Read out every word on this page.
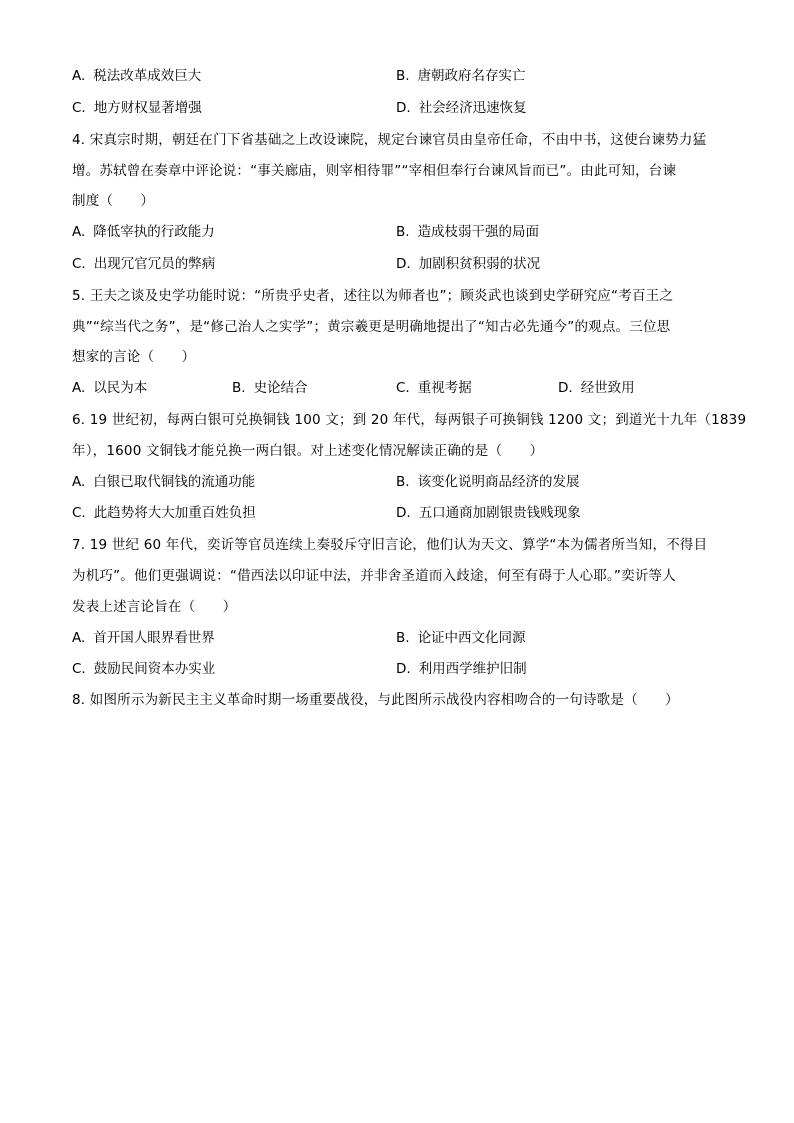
A. 税法改革成效巨大	B. 唐朝政府名存实亡
C. 地方财权显著增强	D. 社会经济迅速恢复
4. 宋真宗时期，朝廷在门下省基础之上改设谏院，规定台谏官员由皇帝任命，不由中书，这使台谏势力猛
增。苏轼曾在奏章中评论说：“事关廊庙，则宰相待罪”“宰相但奉行台谏风旨而已”。由此可知，台谏
制度（　　）
A. 降低宰执的行政能力	B. 造成枝弱干强的局面
C. 出现冗官冗员的弊病	D. 加剧积贫积弱的状况
5. 王夫之谈及史学功能时说：“所贵乎史者，述往以为师者也”；顾炎武也谈到史学研究应“考百王之
典”“综当代之务”，是“修己治人之实学”；黄宗羲更是明确地提出了“知古必先通今”的观点。三位思
想家的言论（　　）
A. 以民为本	B. 史论结合	C. 重视考据	D. 经世致用
6. 19 世纪初，每两白银可兑换铜钱 100 文；到 20 年代，每两银子可换铜钱 1200 文；到道光十九年（1839
年），1600 文铜钱才能兑换一两白银。对上述变化情况解读正确的是（　　）
A. 白银已取代铜钱的流通功能	B. 该变化说明商品经济的发展
C. 此趋势将大大加重百姓负担	D. 五口通商加剧银贵钱贱现象
7. 19 世纪 60 年代，奕䜣等官员连续上奏驳斥守旧言论，他们认为天文、算学“本为儒者所当知，不得目
为机巧”。他们更强调说：“借西法以印证中法，并非舍圣道而入歧途，何至有碍于人心耶。”奕䜣等人
发表上述言论旨在（　　）
A. 首开国人眼界看世界	B. 论证中西文化同源
C. 鼓励民间资本办实业	D. 利用西学维护旧制
8. 如图所示为新民主主义革命时期一场重要战役，与此图所示战役内容相吻合的一句诗歌是（　　）
